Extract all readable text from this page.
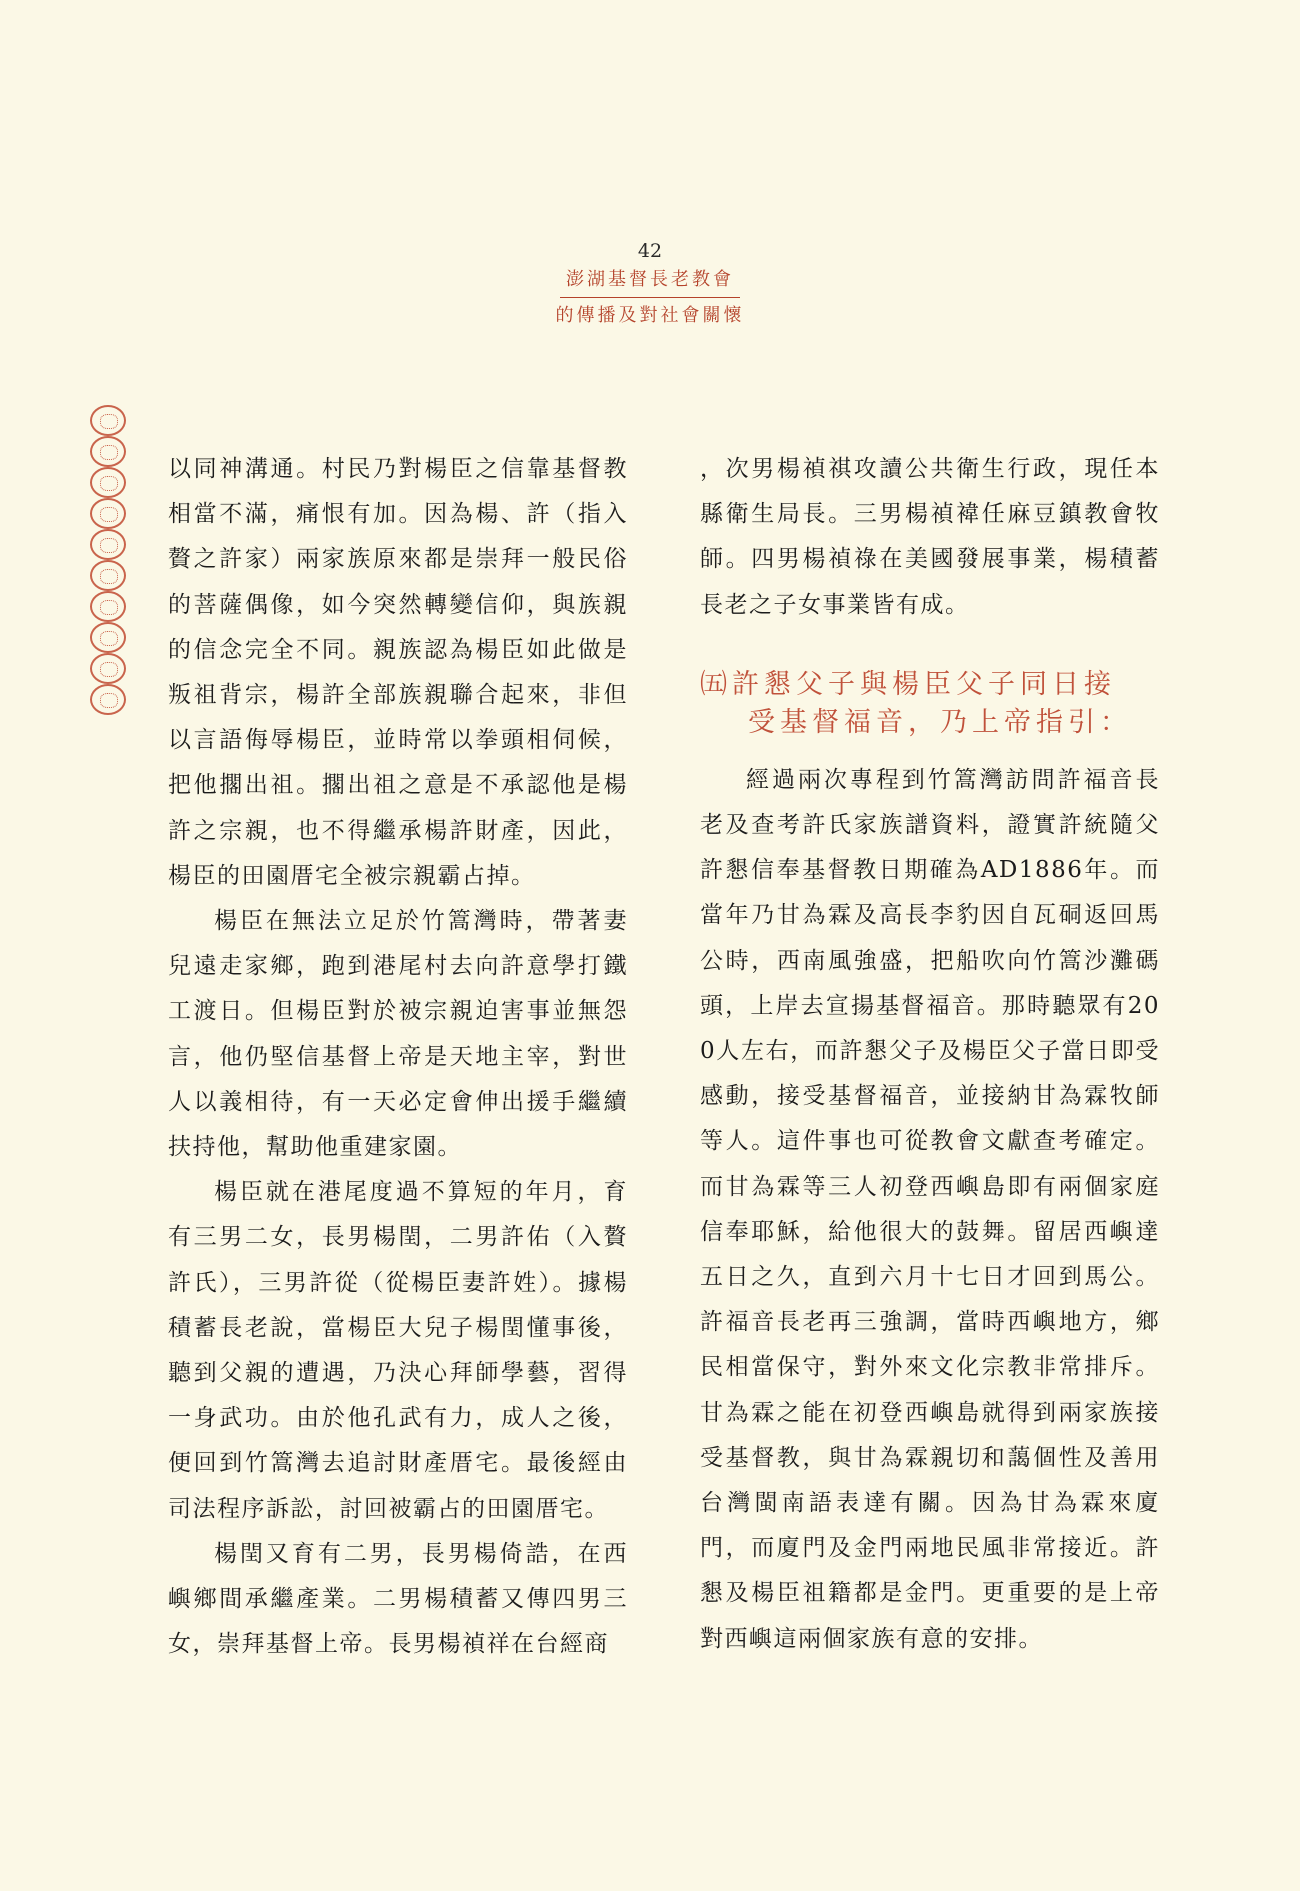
42
澎湖基督長老教會
的傳播及對社會關懷

以同神溝通。村民乃對楊臣之信靠基督教相當不滿，痛恨有加。因為楊、許（指入贅之許家）兩家族原來都是崇拜一般民俗的菩薩偶像，如今突然轉變信仰，與族親的信念完全不同。親族認為楊臣如此做是叛祖背宗，楊許全部族親聯合起來，非但以言語侮辱楊臣，並時常以拳頭相伺候，把他擱出祖。擱出祖之意是不承認他是楊許之宗親，也不得繼承楊許財產，因此，楊臣的田園厝宅全被宗親霸占掉。

楊臣在無法立足於竹篙灣時，帶著妻兒遠走家鄉，跑到港尾村去向許意學打鐵工渡日。但楊臣對於被宗親迫害事並無怨言，他仍堅信基督上帝是天地主宰，對世人以義相待，有一天必定會伸出援手繼續扶持他，幫助他重建家園。

楊臣就在港尾度過不算短的年月，育有三男二女，長男楊閏，二男許佑（入贅許氏），三男許從（從楊臣妻許姓）。據楊積蓄長老說，當楊臣大兒子楊閏懂事後，聽到父親的遭遇，乃決心拜師學藝，習得一身武功。由於他孔武有力，成人之後，便回到竹篙灣去追討財產厝宅。最後經由司法程序訴訟，討回被霸占的田園厝宅。

楊閏又育有二男，長男楊倚誥，在西嶼鄉間承繼產業。二男楊積蓄又傳四男三女，崇拜基督上帝。長男楊禎祥在台經商

，次男楊禎祺攻讀公共衛生行政，現任本縣衛生局長。三男楊禎褘任麻豆鎮教會牧師。四男楊禎祿在美國發展事業，楊積蓄長老之子女事業皆有成。

㈤許懇父子與楊臣父子同日接
受基督福音，乃上帝指引：

經過兩次專程到竹篙灣訪問許福音長老及查考許氏家族譜資料，證實許統隨父許懇信奉基督教日期確為AD1886年。而當年乃甘為霖及高長李豹因自瓦硐返回馬公時，西南風強盛，把船吹向竹篙沙灘碼頭，上岸去宣揚基督福音。那時聽眾有200人左右，而許懇父子及楊臣父子當日即受感動，接受基督福音，並接納甘為霖牧師等人。這件事也可從教會文獻查考確定。而甘為霖等三人初登西嶼島即有兩個家庭信奉耶穌，給他很大的鼓舞。留居西嶼達五日之久，直到六月十七日才回到馬公。許福音長老再三強調，當時西嶼地方，鄉民相當保守，對外來文化宗教非常排斥。甘為霖之能在初登西嶼島就得到兩家族接受基督教，與甘為霖親切和藹個性及善用台灣閩南語表達有關。因為甘為霖來廈門，而廈門及金門兩地民風非常接近。許懇及楊臣祖籍都是金門。更重要的是上帝對西嶼這兩個家族有意的安排。
